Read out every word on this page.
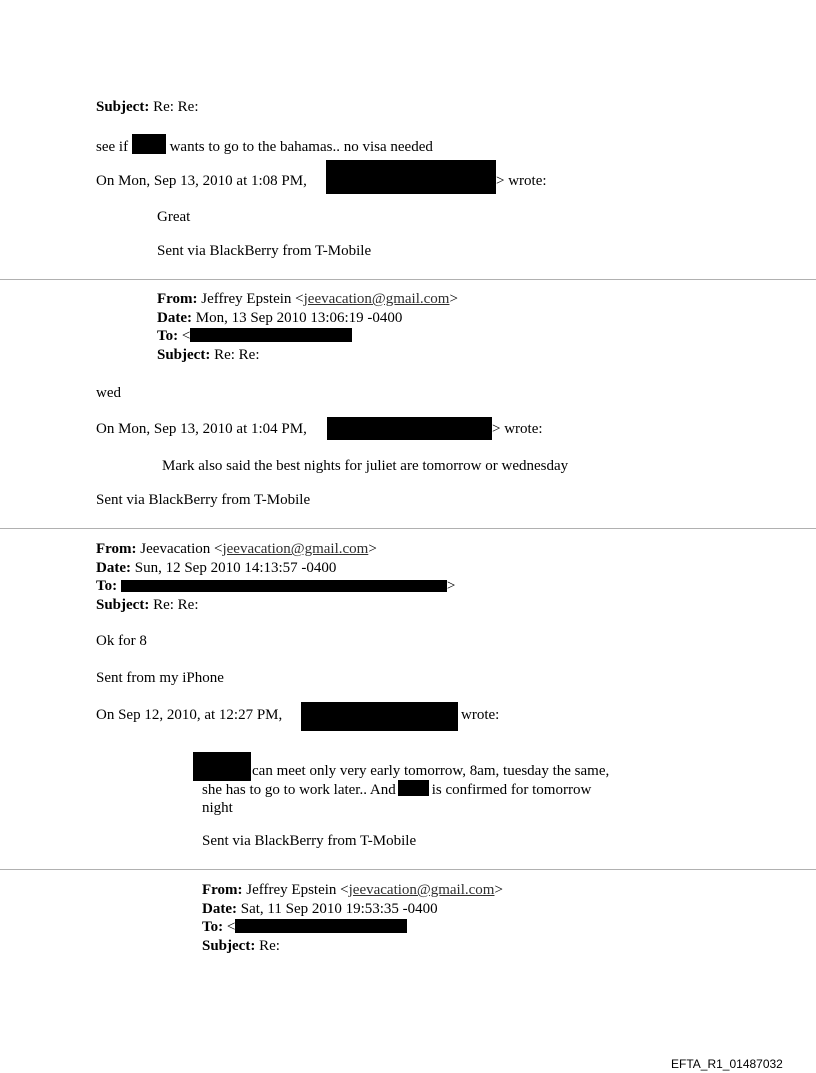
Subject: Re: Re:
see if	wants to go to the bahamas.. no visa needed
On Mon, Sep 13, 2010 at 1:08 PM,	> wrote:
Great
Sent via BlackBerry from T-Mobile
From: Jeffrey Epstein <jeevacation@gmail.com>
Date: Mon, 13 Sep 2010 13:06:19 -0400
To: <
Subject: Re: Re:
wed
On Mon, Sep 13, 2010 at 1:04 PM,	> wrote:
Mark also said the best nights for juliet are tomorrow or wednesday
Sent via BlackBerry from T-Mobile
From: Jeevacation <jeevacation@gmail.com>
Date: Sun, 12 Sep 2010 14:13:57 -0400
To:	>
Subject: Re: Re:
Ok for 8
Sent from my iPhone
On Sep 12, 2010, at 12:27 PM,	wrote:
can meet only very early tomorrow, 8am, tuesday the same,
she has to go to work later.. And is confirmed for tomorrow
night
Sent via BlackBerry from T-Mobile
From: Jeffrey Epstein <jeevacation@gmail.com>
Date: Sat, 11 Sep 2010 19:53:35 -0400
To: <
Subject: Re:
EFTA_R1_01487032
